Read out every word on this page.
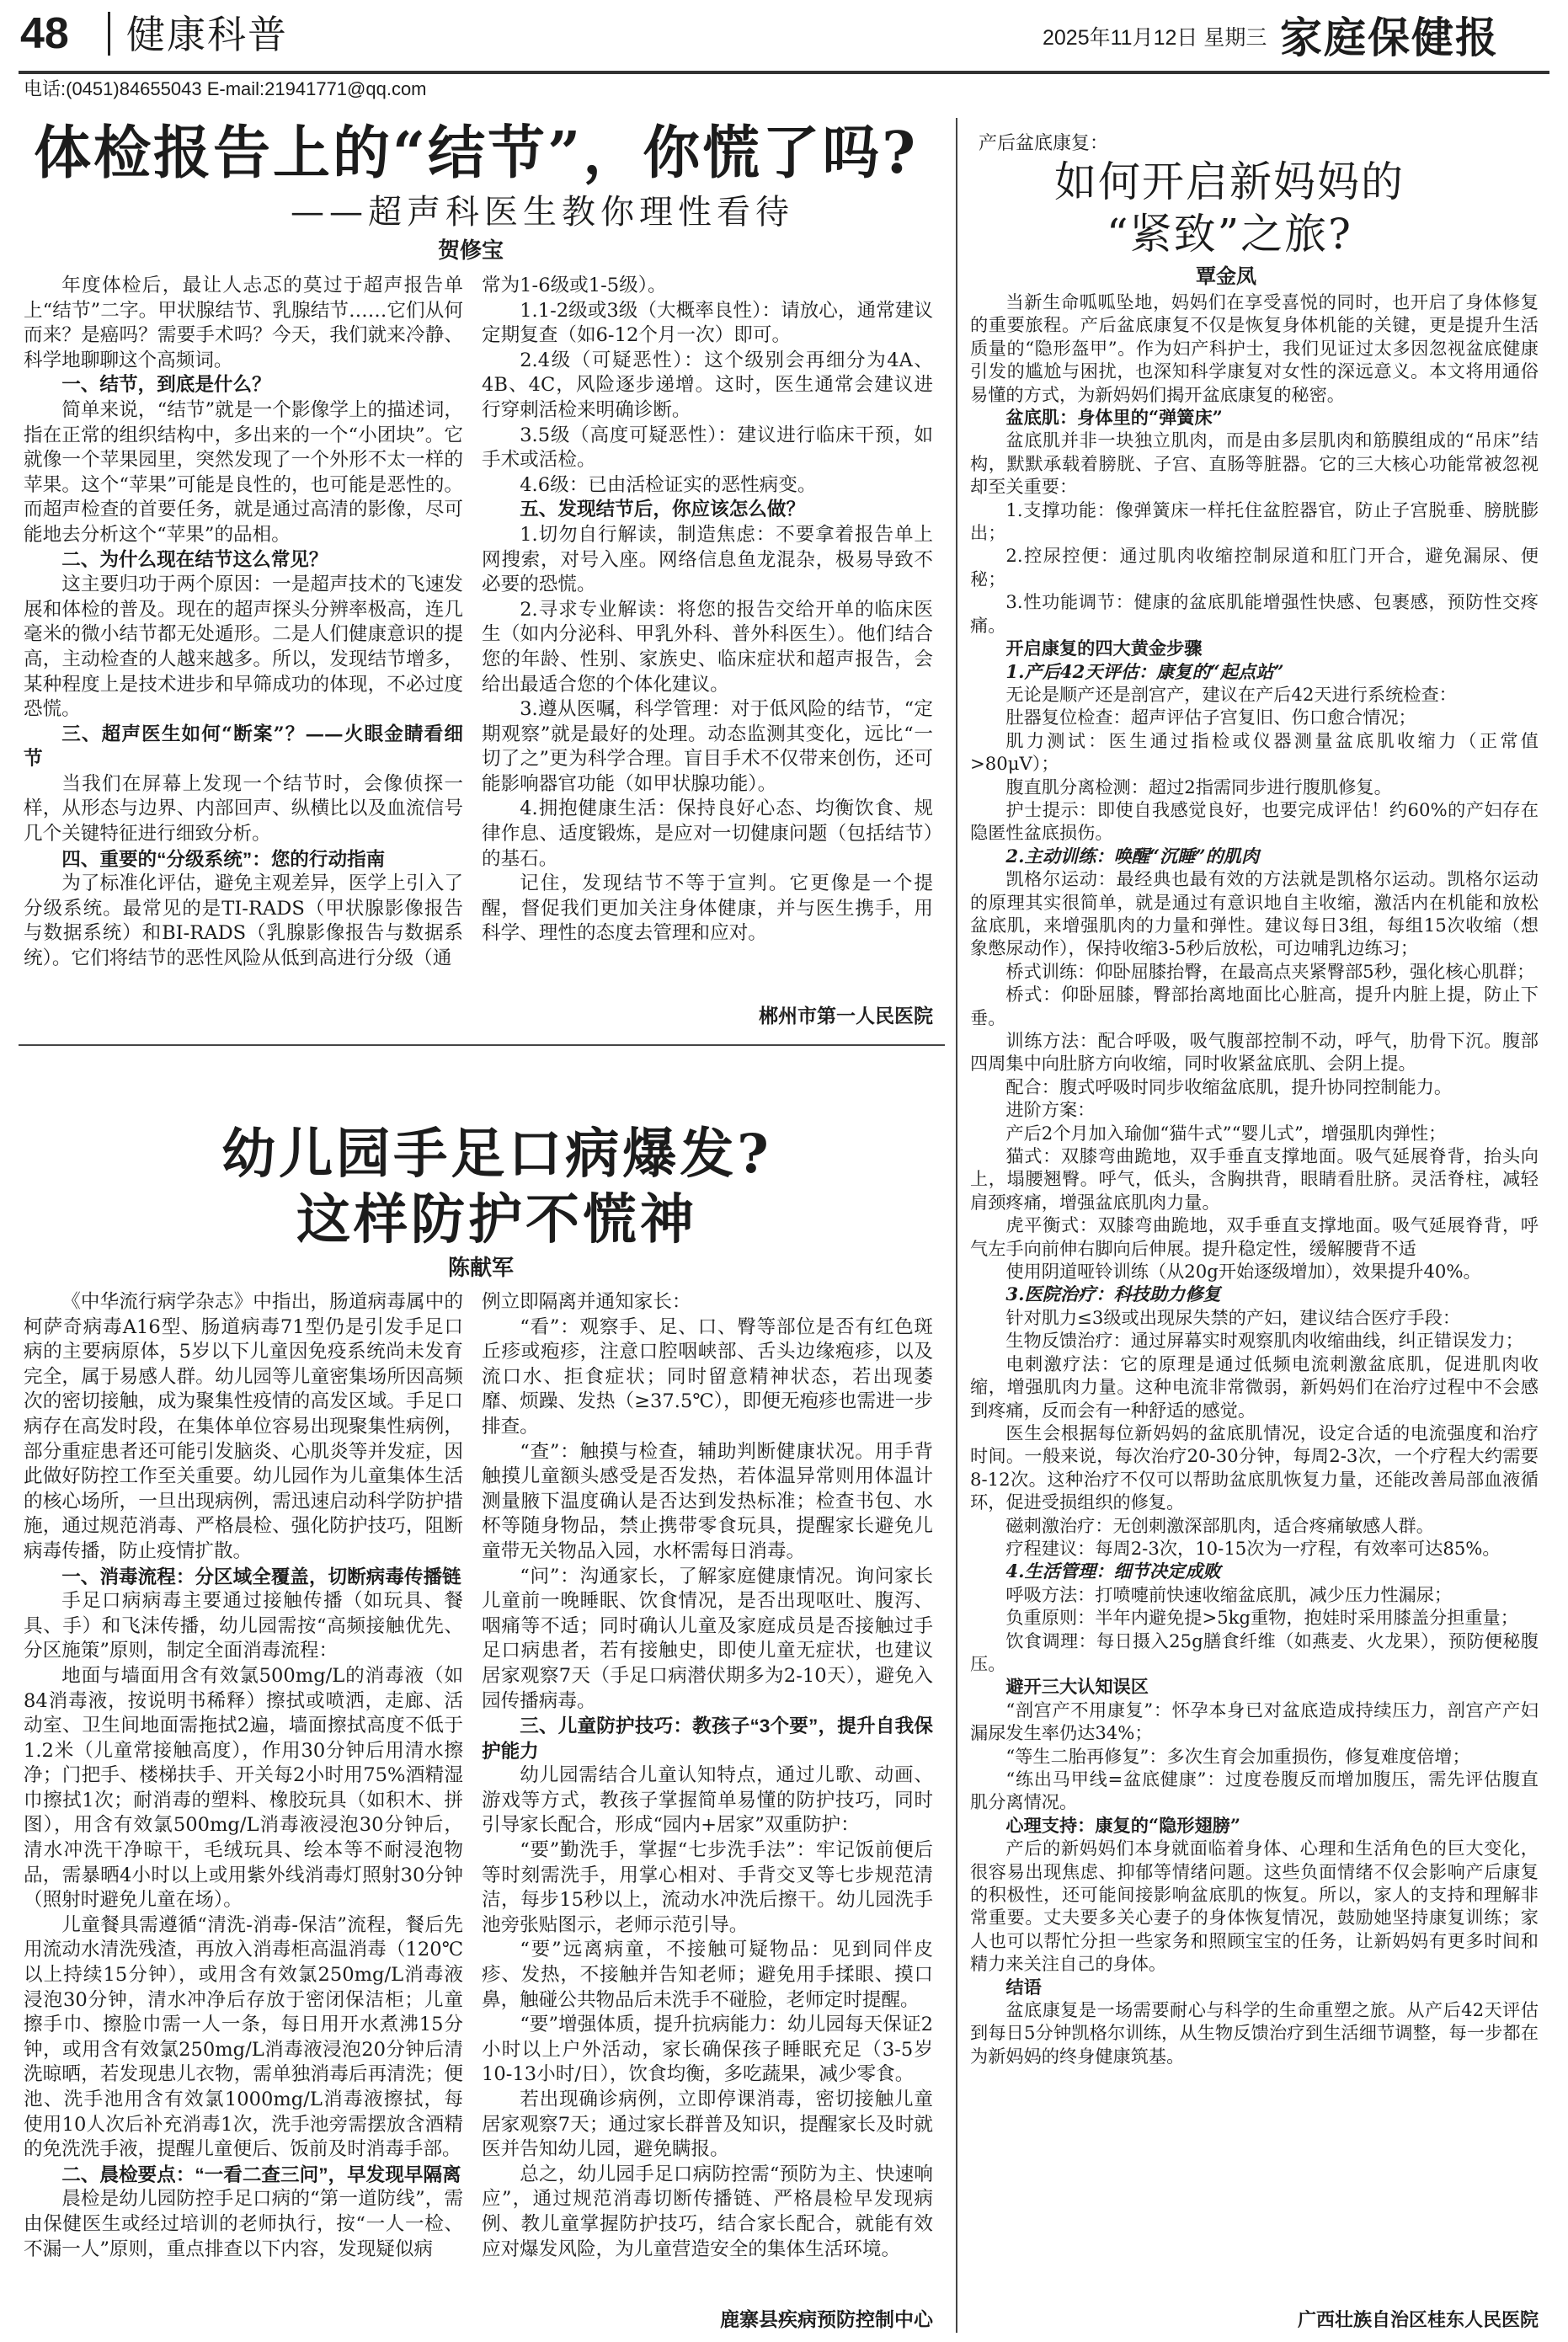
48 健康科普	2025年11月12日 星期三 家庭保健报
电话:(0451)84655043 E-mail:21941771@qq.com
体检报告上的“结节”，你慌了吗?
——超声科医生教你理性看待
贺修宝

年度体检后，最让人忐忑的莫过于超声报告单上“结节”二字。甲状腺结节、乳腺结节……它们从何而来？是癌吗？需要手术吗？今天，我们就来冷静、科学地聊聊这个高频词。

一、结节，到底是什么？

简单来说，“结节”就是一个影像学上的描述词，指在正常的组织结构中，多出来的一个“小团块”。它就像一个苹果园里，突然发现了一个外形不太一样的苹果。这个“苹果”可能是良性的，也可能是恶性的。而超声检查的首要任务，就是通过高清的影像，尽可能地去分析这个“苹果”的品相。

二、为什么现在结节这么常见？

这主要归功于两个原因：一是超声技术的飞速发展和体检的普及。现在的超声探头分辨率极高，连几毫米的微小结节都无处遁形。二是人们健康意识的提高，主动检查的人越来越多。所以，发现结节增多，某种程度上是技术进步和早筛成功的体现，不必过度恐慌。

三、超声医生如何“断案”？——火眼金睛看细节

当我们在屏幕上发现一个结节时，会像侦探一样，从形态与边界、内部回声、纵横比以及血流信号几个关键特征进行细致分析。

四、重要的“分级系统”：您的行动指南

为了标准化评估，避免主观差异，医学上引入了分级系统。最常见的是TI-RADS（甲状腺影像报告与数据系统）和BI-RADS（乳腺影像报告与数据系统）。它们将结节的恶性风险从低到高进行分级（通

常为1-6级或1-5级）。

1.1-2级或3级（大概率良性）：请放心，通常建议定期复查（如6-12个月一次）即可。

2.4级（可疑恶性）：这个级别会再细分为4A、4B、4C，风险逐步递增。这时，医生通常会建议进行穿刺活检来明确诊断。

3.5级（高度可疑恶性）：建议进行临床干预，如手术或活检。

4.6级：已由活检证实的恶性病变。

五、发现结节后，你应该怎么做？

1.切勿自行解读，制造焦虑：不要拿着报告单上网搜索，对号入座。网络信息鱼龙混杂，极易导致不必要的恐慌。

2.寻求专业解读：将您的报告交给开单的临床医生（如内分泌科、甲乳外科、普外科医生）。他们结合您的年龄、性别、家族史、临床症状和超声报告，会给出最适合您的个体化建议。

3.遵从医嘱，科学管理：对于低风险的结节，“定期观察”就是最好的处理。动态监测其变化，远比“一切了之”更为科学合理。盲目手术不仅带来创伤，还可能影响器官功能（如甲状腺功能）。

4.拥抱健康生活：保持良好心态、均衡饮食、规律作息、适度锻炼，是应对一切健康问题（包括结节）的基石。

记住，发现结节不等于宣判。它更像是一个提醒，督促我们更加关注身体健康，并与医生携手，用科学、理性的态度去管理和应对。

郴州市第一人民医院
幼儿园手足口病爆发?
这样防护不慌神
陈献军

《中华流行病学杂志》中指出，肠道病毒属中的柯萨奇病毒A16型、肠道病毒71型仍是引发手足口病的主要病原体，5岁以下儿童因免疫系统尚未发育完全，属于易感人群。幼儿园等儿童密集场所因高频次的密切接触，成为聚集性疫情的高发区域。手足口病存在高发时段，在集体单位容易出现聚集性病例，部分重症患者还可能引发脑炎、心肌炎等并发症，因此做好防控工作至关重要。幼儿园作为儿童集体生活的核心场所，一旦出现病例，需迅速启动科学防护措施，通过规范消毒、严格晨检、强化防护技巧，阻断病毒传播，防止疫情扩散。

一、消毒流程：分区域全覆盖，切断病毒传播链

手足口病病毒主要通过接触传播（如玩具、餐具、手）和飞沫传播，幼儿园需按“高频接触优先、分区施策”原则，制定全面消毒流程：

地面与墙面用含有效氯500mg/L的消毒液（如84消毒液，按说明书稀释）擦拭或喷洒，走廊、活动室、卫生间地面需拖拭2遍，墙面擦拭高度不低于1.2米（儿童常接触高度），作用30分钟后用清水擦净；门把手、楼梯扶手、开关每2小时用75%酒精湿巾擦拭1次；耐消毒的塑料、橡胶玩具（如积木、拼图），用含有效氯500mg/L消毒液浸泡30分钟后，清水冲洗干净晾干，毛绒玩具、绘本等不耐浸泡物品，需暴晒4小时以上或用紫外线消毒灯照射30分钟（照射时避免儿童在场）。

儿童餐具需遵循“清洗-消毒-保洁”流程，餐后先用流动水清洗残渣，再放入消毒柜高温消毒（120℃以上持续15分钟），或用含有效氯250mg/L消毒液浸泡30分钟，清水冲净后存放于密闭保洁柜；儿童擦手巾、擦脸巾需一人一条，每日用开水煮沸15分钟，或用含有效氯250mg/L消毒液浸泡20分钟后清洗晾晒，若发现患儿衣物，需单独消毒后再清洗；便池、洗手池用含有效氯1000mg/L消毒液擦拭，每使用10人次后补充消毒1次，洗手池旁需摆放含酒精的免洗洗手液，提醒儿童便后、饭前及时消毒手部。

二、晨检要点：“一看二查三问”，早发现早隔离

晨检是幼儿园防控手足口病的“第一道防线”，需由保健医生或经过培训的老师执行，按“一人一检、不漏一人”原则，重点排查以下内容，发现疑似病

例立即隔离并通知家长：

“看”：观察手、足、口、臀等部位是否有红色斑丘疹或疱疹，注意口腔咽峡部、舌头边缘疱疹，以及流口水、拒食症状；同时留意精神状态，若出现萎靡、烦躁、发热（≥37.5℃），即便无疱疹也需进一步排查。

“查”：触摸与检查，辅助判断健康状况。用手背触摸儿童额头感受是否发热，若体温异常则用体温计测量腋下温度确认是否达到发热标准；检查书包、水杯等随身物品，禁止携带零食玩具，提醒家长避免儿童带无关物品入园，水杯需每日消毒。

“问”：沟通家长，了解家庭健康情况。询问家长儿童前一晚睡眠、饮食情况，是否出现呕吐、腹泻、咽痛等不适；同时确认儿童及家庭成员是否接触过手足口病患者，若有接触史，即使儿童无症状，也建议居家观察7天（手足口病潜伏期多为2-10天），避免入园传播病毒。

三、儿童防护技巧：教孩子“3个要”，提升自我保护能力

幼儿园需结合儿童认知特点，通过儿歌、动画、游戏等方式，教孩子掌握简单易懂的防护技巧，同时引导家长配合，形成“园内+居家”双重防护：

“要”勤洗手，掌握“七步洗手法”：牢记饭前便后等时刻需洗手，用掌心相对、手背交叉等七步规范清洁，每步15秒以上，流动水冲洗后擦干。幼儿园洗手池旁张贴图示，老师示范引导。

“要”远离病童，不接触可疑物品：见到同伴皮疹、发热，不接触并告知老师；避免用手揉眼、摸口鼻，触碰公共物品后未洗手不碰脸，老师定时提醒。

“要”增强体质，提升抗病能力：幼儿园每天保证2小时以上户外活动，家长确保孩子睡眠充足（3-5岁10-13小时/日），饮食均衡，多吃蔬果，减少零食。

若出现确诊病例，立即停课消毒，密切接触儿童居家观察7天；通过家长群普及知识，提醒家长及时就医并告知幼儿园，避免瞒报。

总之，幼儿园手足口病防控需“预防为主、快速响应”，通过规范消毒切断传播链、严格晨检早发现病例、教儿童掌握防护技巧，结合家长配合，就能有效应对爆发风险，为儿童营造安全的集体生活环境。

鹿寨县疾病预防控制中心
产后盆底康复：
如何开启新妈妈的
“紧致”之旅?
覃金凤

当新生命呱呱坠地，妈妈们在享受喜悦的同时，也开启了身体修复的重要旅程。产后盆底康复不仅是恢复身体机能的关键，更是提升生活质量的“隐形盔甲”。作为妇产科护士，我们见证过太多因忽视盆底健康引发的尴尬与困扰，也深知科学康复对女性的深远意义。本文将用通俗易懂的方式，为新妈妈们揭开盆底康复的秘密。

盆底肌：身体里的“弹簧床”

盆底肌并非一块独立肌肉，而是由多层肌肉和筋膜组成的“吊床”结构，默默承载着膀胱、子宫、直肠等脏器。它的三大核心功能常被忽视却至关重要：

1.支撑功能：像弹簧床一样托住盆腔器官，防止子宫脱垂、膀胱膨出；

2.控尿控便：通过肌肉收缩控制尿道和肛门开合，避免漏尿、便秘；

3.性功能调节：健康的盆底肌能增强性快感、包裹感，预防性交疼痛。

开启康复的四大黄金步骤

1.产后42天评估：康复的“起点站”

无论是顺产还是剖宫产，建议在产后42天进行系统检查：

肚器复位检查：超声评估子宫复旧、伤口愈合情况；

肌力测试：医生通过指检或仪器测量盆底肌收缩力（正常值>80μV）；

腹直肌分离检测：超过2指需同步进行腹肌修复。

护士提示：即使自我感觉良好，也要完成评估！约60%的产妇存在隐匿性盆底损伤。

2.主动训练：唤醒“沉睡”的肌肉

凯格尔运动：最经典也最有效的方法就是凯格尔运动。凯格尔运动的原理其实很简单，就是通过有意识地自主收缩，激活内在机能和放松盆底肌，来增强肌肉的力量和弹性。建议每日3组，每组15次收缩（想象憋尿动作），保持收缩3-5秒后放松，可边哺乳边练习；

桥式训练：仰卧屈膝抬臀，在最高点夹紧臀部5秒，强化核心肌群；

桥式：仰卧屈膝，臀部抬离地面比心脏高，提升内脏上提，防止下垂。

训练方法：配合呼吸，吸气腹部控制不动，呼气，肋骨下沉。腹部四周集中向肚脐方向收缩，同时收紧盆底肌、会阴上提。

配合：腹式呼吸时同步收缩盆底肌，提升协同控制能力。

进阶方案：

产后2个月加入瑜伽“猫牛式”“婴儿式”，增强肌肉弹性；

猫式：双膝弯曲跪地，双手垂直支撑地面。吸气延展脊背，抬头向上，塌腰翘臀。呼气，低头，含胸拱背，眼睛看肚脐。灵活脊柱，减轻肩颈疼痛，增强盆底肌肉力量。

虎平衡式：双膝弯曲跪地，双手垂直支撑地面。吸气延展脊背，呼气左手向前伸右脚向后伸展。提升稳定性，缓解腰背不适

使用阴道哑铃训练（从20g开始逐级增加），效果提升40%。

3.医院治疗：科技助力修复

针对肌力≤3级或出现尿失禁的产妇，建议结合医疗手段：

生物反馈治疗：通过屏幕实时观察肌肉收缩曲线，纠正错误发力；

电刺激疗法：它的原理是通过低频电流刺激盆底肌，促进肌肉收缩，增强肌肉力量。这种电流非常微弱，新妈妈们在治疗过程中不会感到疼痛，反而会有一种舒适的感觉。

医生会根据每位新妈妈的盆底肌情况，设定合适的电流强度和治疗时间。一般来说，每次治疗20-30分钟，每周2-3次，一个疗程大约需要8-12次。这种治疗不仅可以帮助盆底肌恢复力量，还能改善局部血液循环，促进受损组织的修复。

磁刺激治疗：无创刺激深部肌肉，适合疼痛敏感人群。

疗程建议：每周2-3次，10-15次为一疗程，有效率可达85%。

4.生活管理：细节决定成败

呼吸方法：打喷嚏前快速收缩盆底肌，减少压力性漏尿；

负重原则：半年内避免提>5kg重物，抱娃时采用膝盖分担重量；

饮食调理：每日摄入25g膳食纤维（如燕麦、火龙果），预防便秘腹压。

避开三大认知误区

“剖宫产不用康复”：怀孕本身已对盆底造成持续压力，剖宫产产妇漏尿发生率仍达34%；

“等生二胎再修复”：多次生育会加重损伤，修复难度倍增；

“练出马甲线=盆底健康”：过度卷腹反而增加腹压，需先评估腹直肌分离情况。

心理支持：康复的“隐形翅膀”

产后的新妈妈们本身就面临着身体、心理和生活角色的巨大变化，很容易出现焦虑、抑郁等情绪问题。这些负面情绪不仅会影响产后康复的积极性，还可能间接影响盆底肌的恢复。所以，家人的支持和理解非常重要。丈夫要多关心妻子的身体恢复情况，鼓励她坚持康复训练；家人也可以帮忙分担一些家务和照顾宝宝的任务，让新妈妈有更多时间和精力来关注自己的身体。

结语

盆底康复是一场需要耐心与科学的生命重塑之旅。从产后42天评估到每日5分钟凯格尔训练，从生物反馈治疗到生活细节调整，每一步都在为新妈妈的终身健康筑基。

广西壮族自治区桂东人民医院
